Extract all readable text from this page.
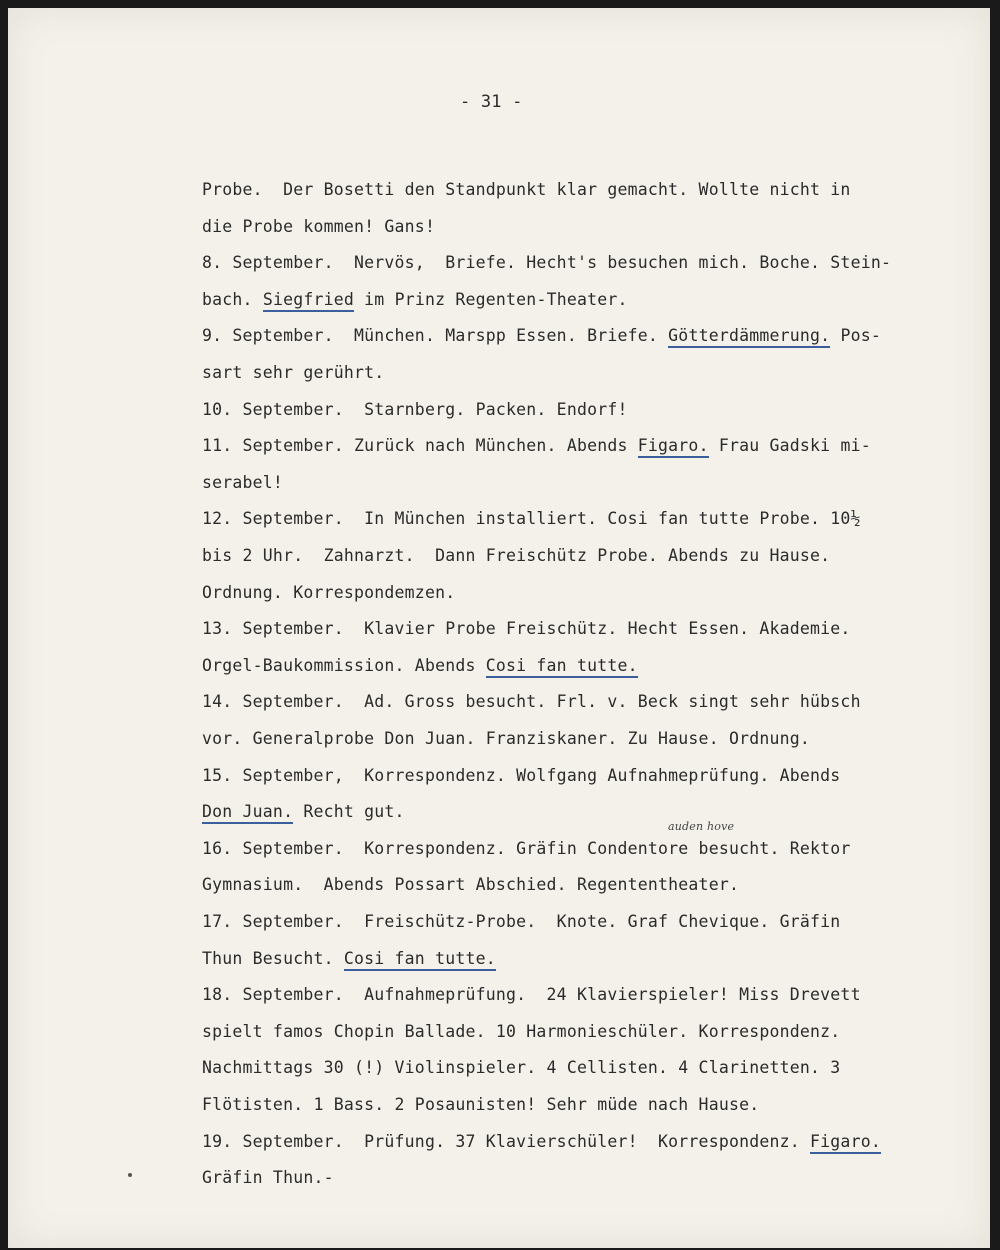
- 31 -
auden hove
Probe.  Der Bosetti den Standpunkt klar gemacht. Wollte nicht in
die Probe kommen! Gans!
8. September.  Nervös,  Briefe. Hecht's besuchen mich. Boche. Stein-
bach. Siegfried im Prinz Regenten-Theater.
9. September.  München. Marspp Essen. Briefe. Götterdämmerung. Pos-
sart sehr gerührt.
10. September.  Starnberg. Packen. Endorf!
11. September. Zurück nach München. Abends Figaro. Frau Gadski mi-
serabel!
12. September.  In München installiert. Cosi fan tutte Probe. 10½
bis 2 Uhr.  Zahnarzt.  Dann Freischütz Probe. Abends zu Hause.
Ordnung. Korrespondemzen.
13. September.  Klavier Probe Freischütz. Hecht Essen. Akademie.
Orgel-Baukommission. Abends Cosi fan tutte.
14. September.  Ad. Gross besucht. Frl. v. Beck singt sehr hübsch
vor. Generalprobe Don Juan. Franziskaner. Zu Hause. Ordnung.
15. September,  Korrespondenz. Wolfgang Aufnahmeprüfung. Abends
Don Juan. Recht gut.
16. September.  Korrespondenz. Gräfin Condentore besucht. Rektor
Gymnasium.  Abends Possart Abschied. Regententheater.
17. September.  Freischütz-Probe.  Knote. Graf Chevique. Gräfin
Thun Besucht. Cosi fan tutte.
18. September.  Aufnahmeprüfung.  24 Klavierspieler! Miss Drevett
spielt famos Chopin Ballade. 10 Harmonieschüler. Korrespondenz.
Nachmittags 30 (!) Violinspieler. 4 Cellisten. 4 Clarinetten. 3
Flötisten. 1 Bass. 2 Posaunisten! Sehr müde nach Hause.
19. September.  Prüfung. 37 Klavierschüler!  Korrespondenz. Figaro.
Gräfin Thun.-
